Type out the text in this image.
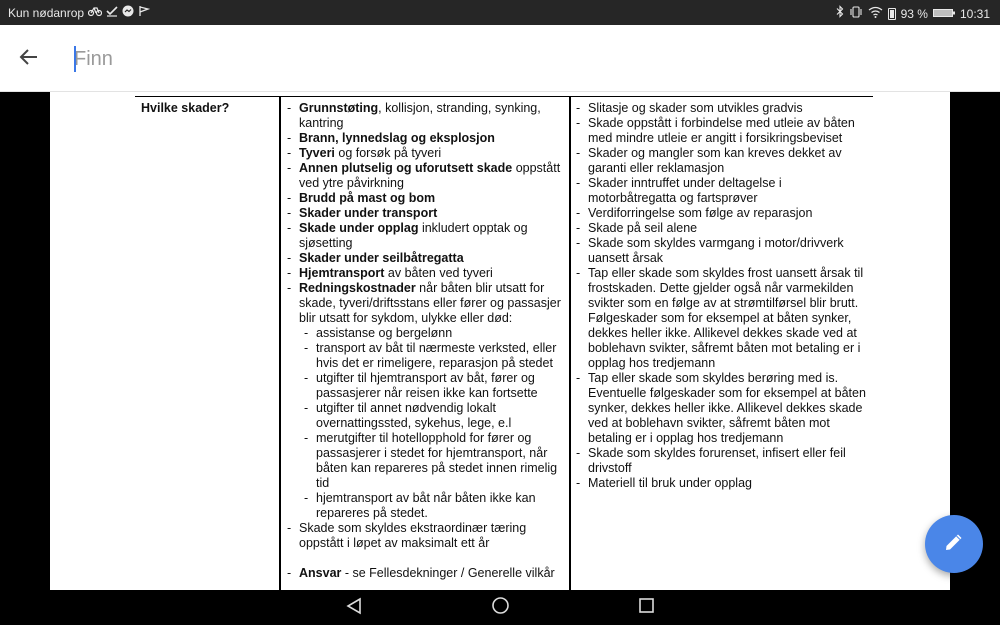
Kun nødanrop	93 %	10:31
Finn
Hvilke skader?
-	Grunnstøting, kollisjon, stranding, synking, kantring
- Brann, lynnedslag og eksplosjon
- Tyveri og forsøk på tyveri
- Annen plutselig og uforutsett skade oppstått ved ytre påvirkning
- Brudd på mast og bom
- Skader under transport
- Skade under opplag inkludert opptak og sjøsetting
- Skader under seilbåtregatta
- Hjemtransport av båten ved tyveri
- Redningskostnader når båten blir utsatt for skade, tyveri/driftsstans eller fører og passasjer blir utsatt for sykdom, ulykke eller død:
- assistanse og bergelønn
- transport av båt til nærmeste verksted, eller hvis det er rimeligere, reparasjon på stedet
- utgifter til hjemtransport av båt, fører og passasjerer når reisen ikke kan fortsette
- utgifter til annet nødvendig lokalt overnattingssted, sykehus, lege, e.l
- merutgifter til hotellopphold for fører og passasjerer i stedet for hjemtransport, når båten kan repareres på stedet innen rimelig tid
- hjemtransport av båt når båten ikke kan repareres på stedet.
- Skade som skyldes ekstraordinær tæring oppstått i løpet av maksimalt ett år
- Ansvar - se Fellesdekninger / Generelle vilkår
- Slitasje og skader som utvikles gradvis
- Skade oppstått i forbindelse med utleie av båten med mindre utleie er angitt i forsikringsbeviset
- Skader og mangler som kan kreves dekket av garanti eller reklamasjon
- Skader inntruffet under deltagelse i motorbåtregatta og fartsprøver
- Verdiforringelse som følge av reparasjon
- Skade på seil alene
- Skade som skyldes varmgang i motor/drivverk uansett årsak
- Tap eller skade som skyldes frost uansett årsak til frostskaden. Dette gjelder også når varmekilden svikter som en følge av at strømtilførsel blir brutt. Følgeskader som for eksempel at båten synker, dekkes heller ikke. Allikevel dekkes skade ved at boblehavn svikter, såfremt båten mot betaling er i opplag hos tredjemann
- Tap eller skade som skyldes berøring med is. Eventuelle følgeskader som for eksempel at båten synker, dekkes heller ikke. Allikevel dekkes skade ved at boblehavn svikter, såfremt båten mot betaling er i opplag hos tredjemann
- Skade som skyldes forurenset, infisert eller feil drivstoff
- Materiell til bruk under opplag
